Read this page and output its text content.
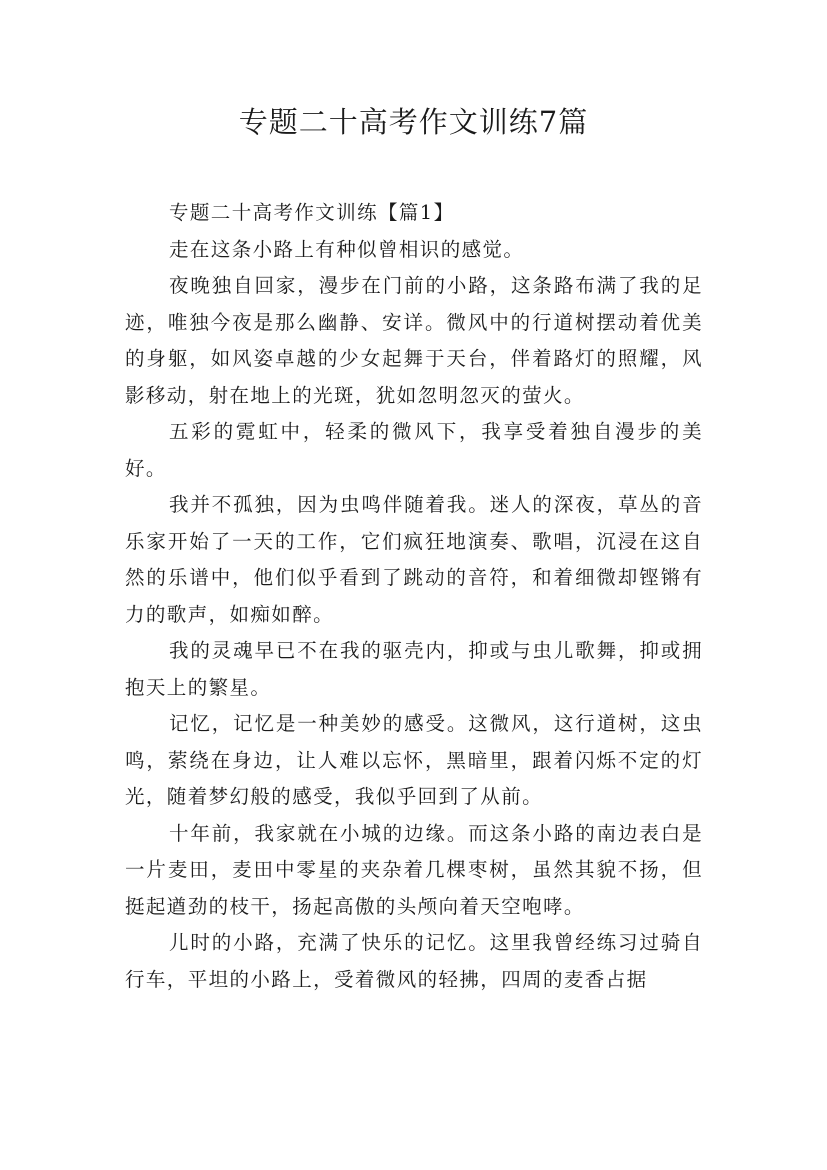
专题二十高考作文训练7篇

专题二十高考作文训练【篇1】

走在这条小路上有种似曾相识的感觉。

夜晚独自回家，漫步在门前的小路，这条路布满了我的足迹，唯独今夜是那么幽静、安详。微风中的行道树摆动着优美的身躯，如风姿卓越的少女起舞于天台，伴着路灯的照耀，风影移动，射在地上的光斑，犹如忽明忽灭的萤火。

五彩的霓虹中，轻柔的微风下，我享受着独自漫步的美好。

我并不孤独，因为虫鸣伴随着我。迷人的深夜，草丛的音乐家开始了一天的工作，它们疯狂地演奏、歌唱，沉浸在这自然的乐谱中，他们似乎看到了跳动的音符，和着细微却铿锵有力的歌声，如痴如醉。

我的灵魂早已不在我的驱壳内，抑或与虫儿歌舞，抑或拥抱天上的繁星。

记忆，记忆是一种美妙的感受。这微风，这行道树，这虫鸣，萦绕在身边，让人难以忘怀，黑暗里，跟着闪烁不定的灯光，随着梦幻般的感受，我似乎回到了从前。

十年前，我家就在小城的边缘。而这条小路的南边表白是一片麦田，麦田中零星的夹杂着几棵枣树，虽然其貌不扬，但挺起遒劲的枝干，扬起高傲的头颅向着天空咆哮。

儿时的小路，充满了快乐的记忆。这里我曾经练习过骑自行车，平坦的小路上，受着微风的轻拂，四周的麦香占据
